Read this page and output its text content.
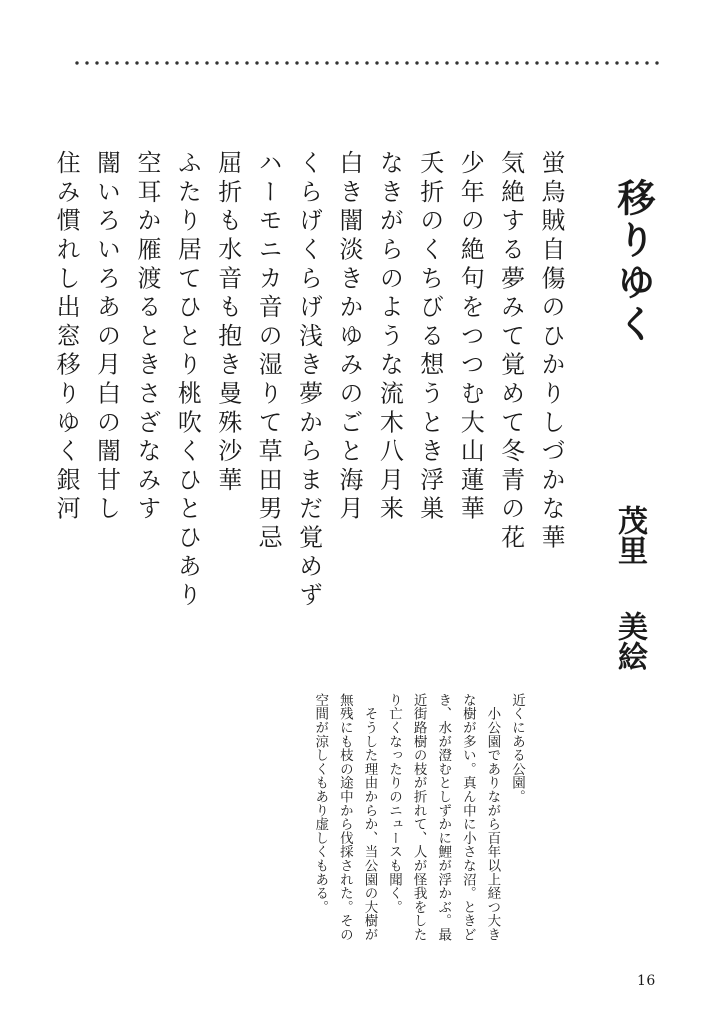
移りゆく
茂里美絵
蛍烏賊自傷のひかりしづかな華
気絶する夢みて覚めて冬青の花
少年の絶句をつつむ大山蓮華
夭折のくちびる想うとき浮巣
なきがらのような流木八月来
白き闇淡きかゆみのごと海月
くらげくらげ浅き夢からまだ覚めず
ハーモニカ音の湿りて草田男忌
屈折も水音も抱き曼殊沙華
ふたり居てひとり桃吹くひとひあり
空耳か雁渡るときさざなみす
闇いろいろあの月白の闇甘し
住み慣れし出窓移りゆく銀河
近くにある公園。
　小公園でありながら百年以上経つ大き
な樹が多い。真ん中に小さな沼。ときど
き、水が澄むとしずかに鯉が浮かぶ。最
近街路樹の枝が折れて、人が怪我をした
り亡くなったりのニュースも聞く。
　そうした理由からか、当公園の大樹が
無残にも枝の途中から伐採された。その
空間が涼しくもあり虚しくもある。
16
